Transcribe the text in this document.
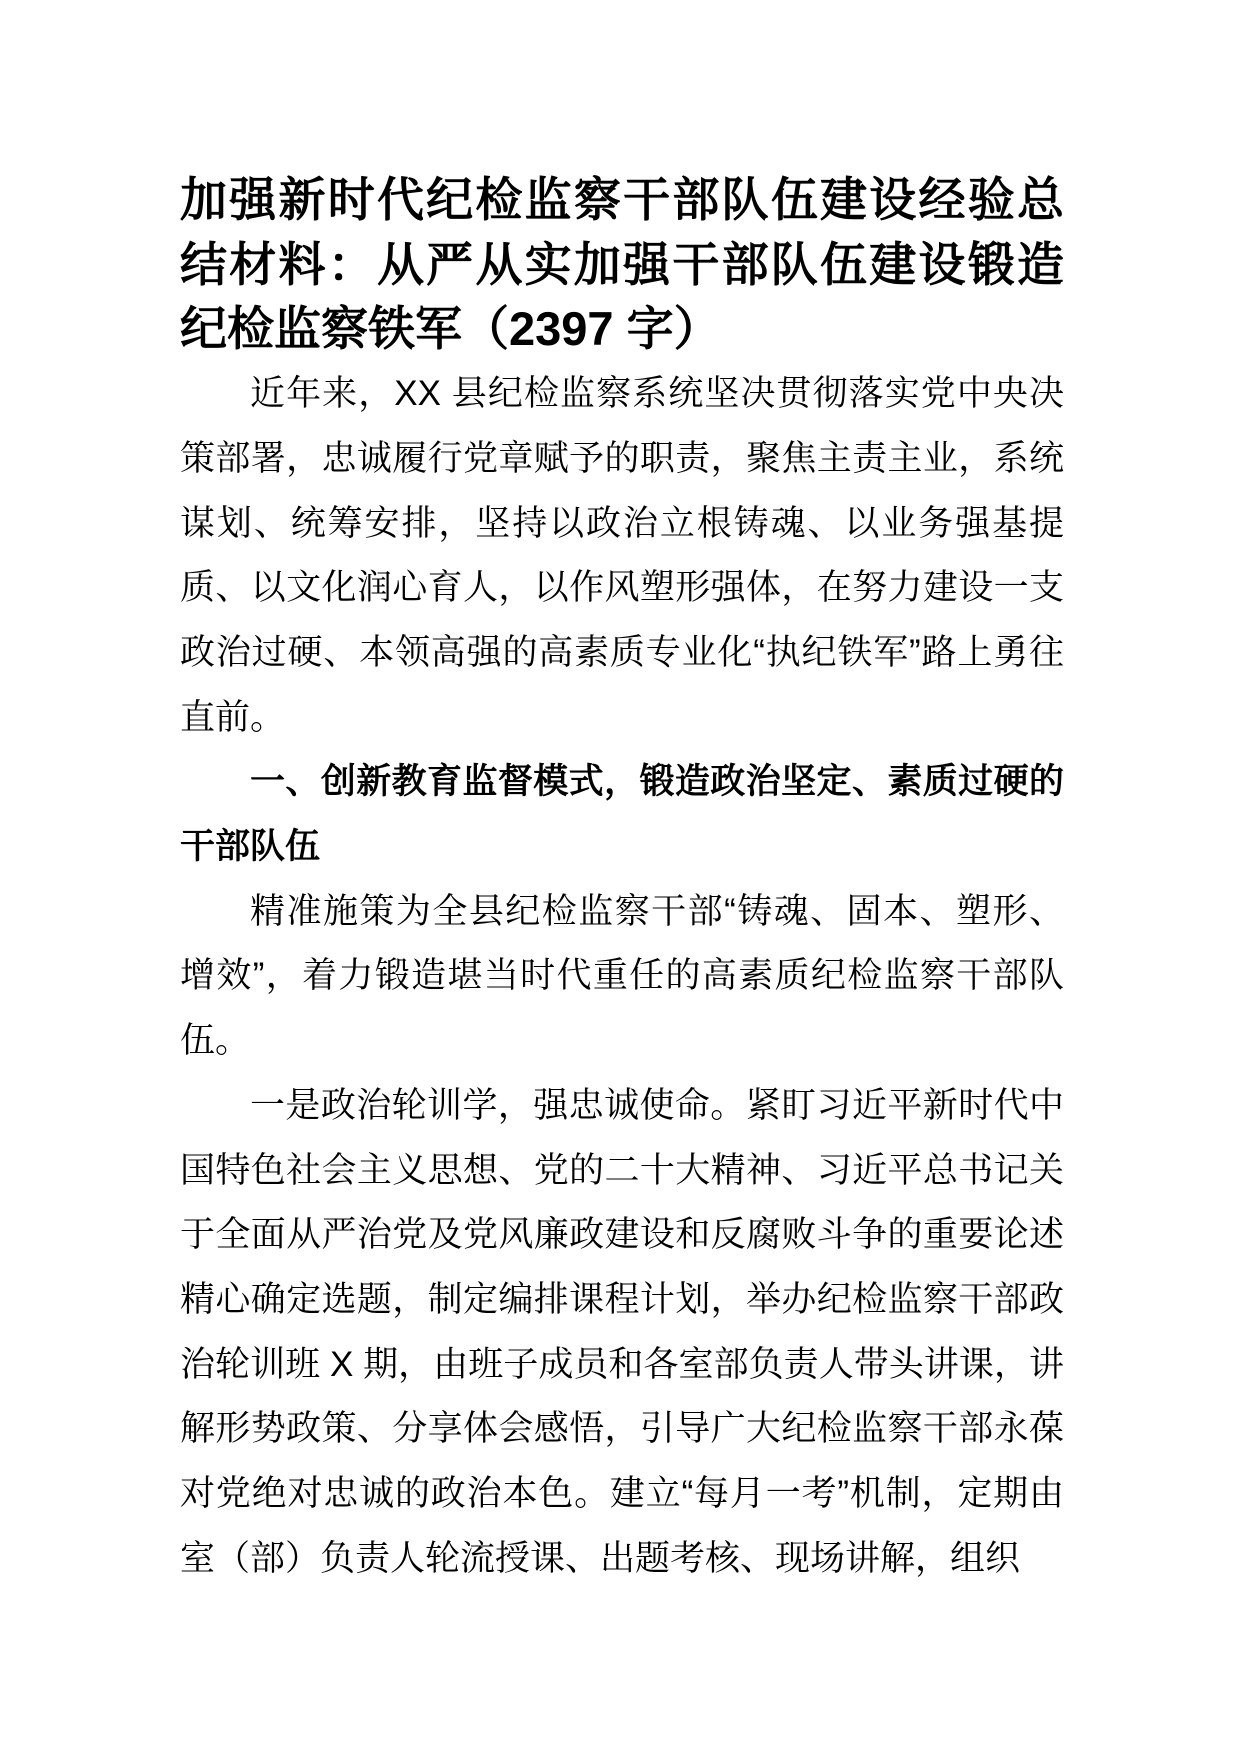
加强新时代纪检监察干部队伍建设经验总结材料：从严从实加强干部队伍建设锻造纪检监察铁军（2397 字）

近年来，XX 县纪检监察系统坚决贯彻落实党中央决策部署，忠诚履行党章赋予的职责，聚焦主责主业，系统谋划、统筹安排，坚持以政治立根铸魂、以业务强基提质、以文化润心育人，以作风塑形强体，在努力建设一支政治过硬、本领高强的高素质专业化“执纪铁军”路上勇往直前。

一、创新教育监督模式，锻造政治坚定、素质过硬的干部队伍

精准施策为全县纪检监察干部“铸魂、固本、塑形、增效”，着力锻造堪当时代重任的高素质纪检监察干部队伍。

一是政治轮训学，强忠诚使命。紧盯习近平新时代中国特色社会主义思想、党的二十大精神、习近平总书记关于全面从严治党及党风廉政建设和反腐败斗争的重要论述精心确定选题，制定编排课程计划，举办纪检监察干部政治轮训班 X 期，由班子成员和各室部负责人带头讲课，讲解形势政策、分享体会感悟，引导广大纪检监察干部永葆对党绝对忠诚的政治本色。建立“每月一考”机制，定期由室（部）负责人轮流授课、出题考核、现场讲解，组织
